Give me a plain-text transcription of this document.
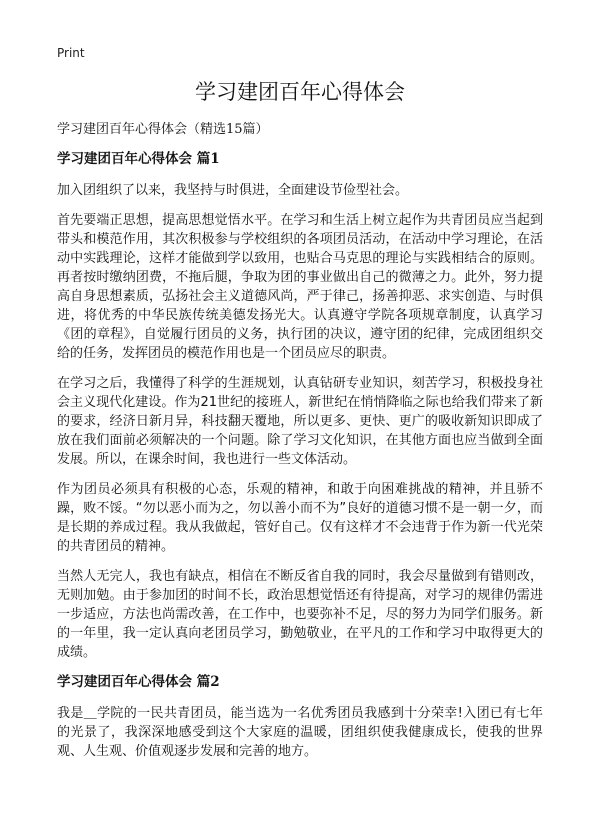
Print
学习建团百年心得体会

学习建团百年心得体会（精选15篇）

学习建团百年心得体会 篇1

加入团组织了以来，我坚持与时俱进，全面建设节俭型社会。

首先要端正思想，提高思想觉悟水平。在学习和生活上树立起作为共青团员应当起到带头和模范作用，其次积极参与学校组织的各项团员活动，在活动中学习理论，在活动中实践理论，这样才能做到学以致用，也贴合马克思的理论与实践相结合的原则。再者按时缴纳团费，不拖后腿，争取为团的事业做出自己的微薄之力。此外，努力提高自身思想素质，弘扬社会主义道德风尚，严于律己，扬善抑恶、求实创造、与时俱进，将优秀的中华民族传统美德发扬光大。认真遵守学院各项规章制度，认真学习《团的章程》，自觉履行团员的义务，执行团的决议，遵守团的纪律，完成团组织交给的任务，发挥团员的模范作用也是一个团员应尽的职责。

在学习之后，我懂得了科学的生涯规划，认真钻研专业知识，刻苦学习，积极投身社会主义现代化建设。作为21世纪的接班人，新世纪在悄悄降临之际也给我们带来了新的要求，经济日新月异，科技翻天覆地，所以更多、更快、更广的吸收新知识即成了放在我们面前必须解决的一个问题。除了学习文化知识，在其他方面也应当做到全面发展。所以，在课余时间，我也进行一些文体活动。

作为团员必须具有积极的心态，乐观的精神，和敢于向困难挑战的精神，并且骄不躁，败不馁。“勿以恶小而为之，勿以善小而不为”良好的道德习惯不是一朝一夕，而是长期的养成过程。我从我做起，管好自己。仅有这样才不会违背于作为新一代光荣的共青团员的精神。

当然人无完人，我也有缺点，相信在不断反省自我的同时，我会尽量做到有错则改，无则加勉。由于参加团的时间不长，政治思想觉悟还有待提高，对学习的规律仍需进一步适应，方法也尚需改善，在工作中，也要弥补不足，尽的努力为同学们服务。新的一年里，我一定认真向老团员学习，勤勉敬业，在平凡的工作和学习中取得更大的成绩。

学习建团百年心得体会 篇2

我是＿学院的一民共青团员，能当选为一名优秀团员我感到十分荣幸!入团已有七年的光景了，我深深地感受到这个大家庭的温暖，团组织使我健康成长，使我的世界观、人生观、价值观逐步发展和完善的地方。
